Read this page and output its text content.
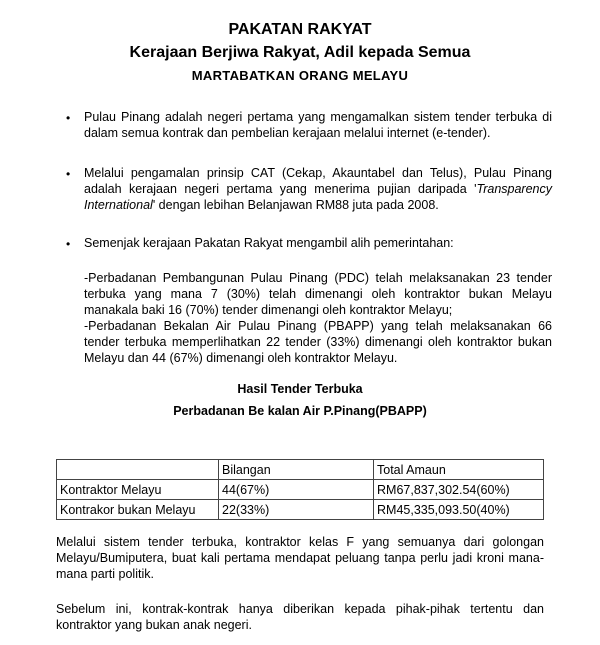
PAKATAN RAKYAT
Kerajaan Berjiwa Rakyat, Adil kepada Semua
MARTABATKAN ORANG MELAYU
• Pulau Pinang adalah negeri pertama yang mengamalkan sistem tender terbuka di dalam semua kontrak dan pembelian kerajaan melalui internet (e-tender).
• Melalui pengamalan prinsip CAT (Cekap, Akauntabel dan Telus), Pulau Pinang adalah kerajaan negeri pertama yang menerima pujian daripada 'Transparency International' dengan lebihan Belanjawan RM88 juta pada 2008.
• Semenjak kerajaan Pakatan Rakyat mengambil alih pemerintahan:
-Perbadanan Pembangunan Pulau Pinang (PDC) telah melaksanakan 23 tender terbuka yang mana 7 (30%) telah dimenangi oleh kontraktor bukan Melayu manakala baki 16 (70%) tender dimenangi oleh kontraktor Melayu;
-Perbadanan Bekalan Air Pulau Pinang (PBAPP) yang telah melaksanakan 66 tender terbuka memperlihatkan 22 tender (33%) dimenangi oleh kontraktor bukan Melayu dan 44 (67%) dimenangi oleh kontraktor Melayu.
Hasil Tender Terbuka
Perbadanan Be kalan Air P.Pinang(PBAPP)
	Bilangan	Total Amaun
Kontraktor Melayu	44(67%)	RM67,837,302.54(60%)
Kontrakor bukan Melayu	22(33%)	RM45,335,093.50(40%)
Melalui sistem tender terbuka, kontraktor kelas F yang semuanya dari golongan Melayu/Bumiputera, buat kali pertama mendapat peluang tanpa perlu jadi kroni mana-mana parti politik.
Sebelum ini, kontrak-kontrak hanya diberikan kepada pihak-pihak tertentu dan kontraktor yang bukan anak negeri.
